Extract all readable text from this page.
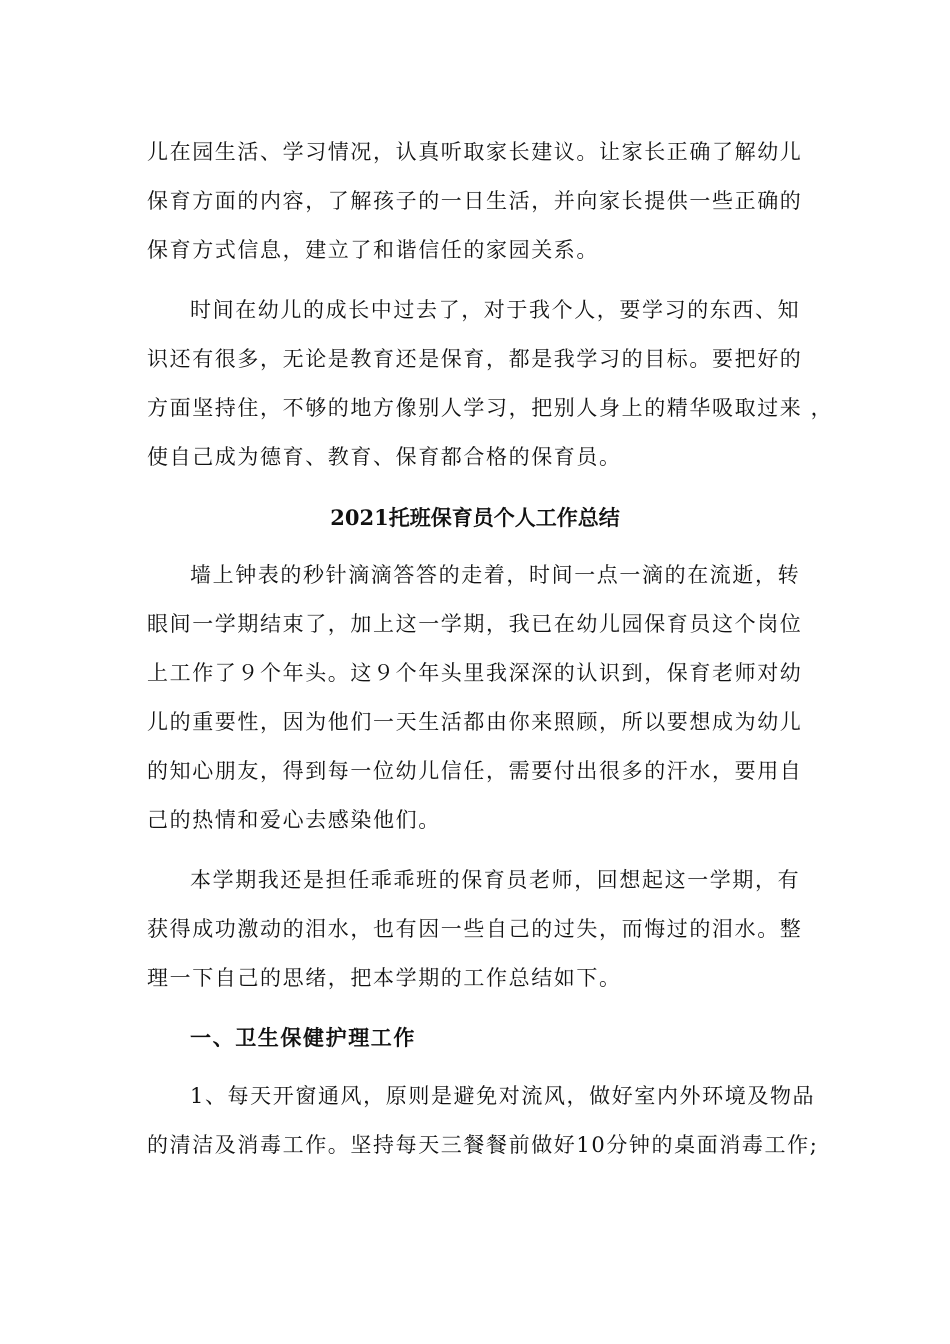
儿在园生活、学习情况，认真听取家长建议。让家长正确了解幼儿
保育方面的内容，了解孩子的一日生活，并向家长提供一些正确的
保育方式信息，建立了和谐信任的家园关系。
时间在幼儿的成长中过去了，对于我个人，要学习的东西、知
识还有很多，无论是教育还是保育，都是我学习的目标。要把好的
方面坚持住，不够的地方像别人学习，把别人身上的精华吸取过来 ，
使自己成为德育、教育、保育都合格的保育员。
2021托班保育员个人工作总结
墙上钟表的秒针滴滴答答的走着，时间一点一滴的在流逝，转
眼间一学期结束了，加上这一学期，我已在幼儿园保育员这个岗位
上工作了９个年头。这９个年头里我深深的认识到，保育老师对幼
儿的重要性，因为他们一天生活都由你来照顾，所以要想成为幼儿
的知心朋友，得到每一位幼儿信任，需要付出很多的汗水，要用自
己的热情和爱心去感染他们。
本学期我还是担任乖乖班的保育员老师，回想起这一学期，有
获得成功激动的泪水，也有因一些自己的过失，而悔过的泪水。整
理一下自己的思绪，把本学期的工作总结如下。
一、卫生保健护理工作
1、每天开窗通风，原则是避免对流风，做好室内外环境及物品
的清洁及消毒工作。坚持每天三餐餐前做好10分钟的桌面消毒工作;
